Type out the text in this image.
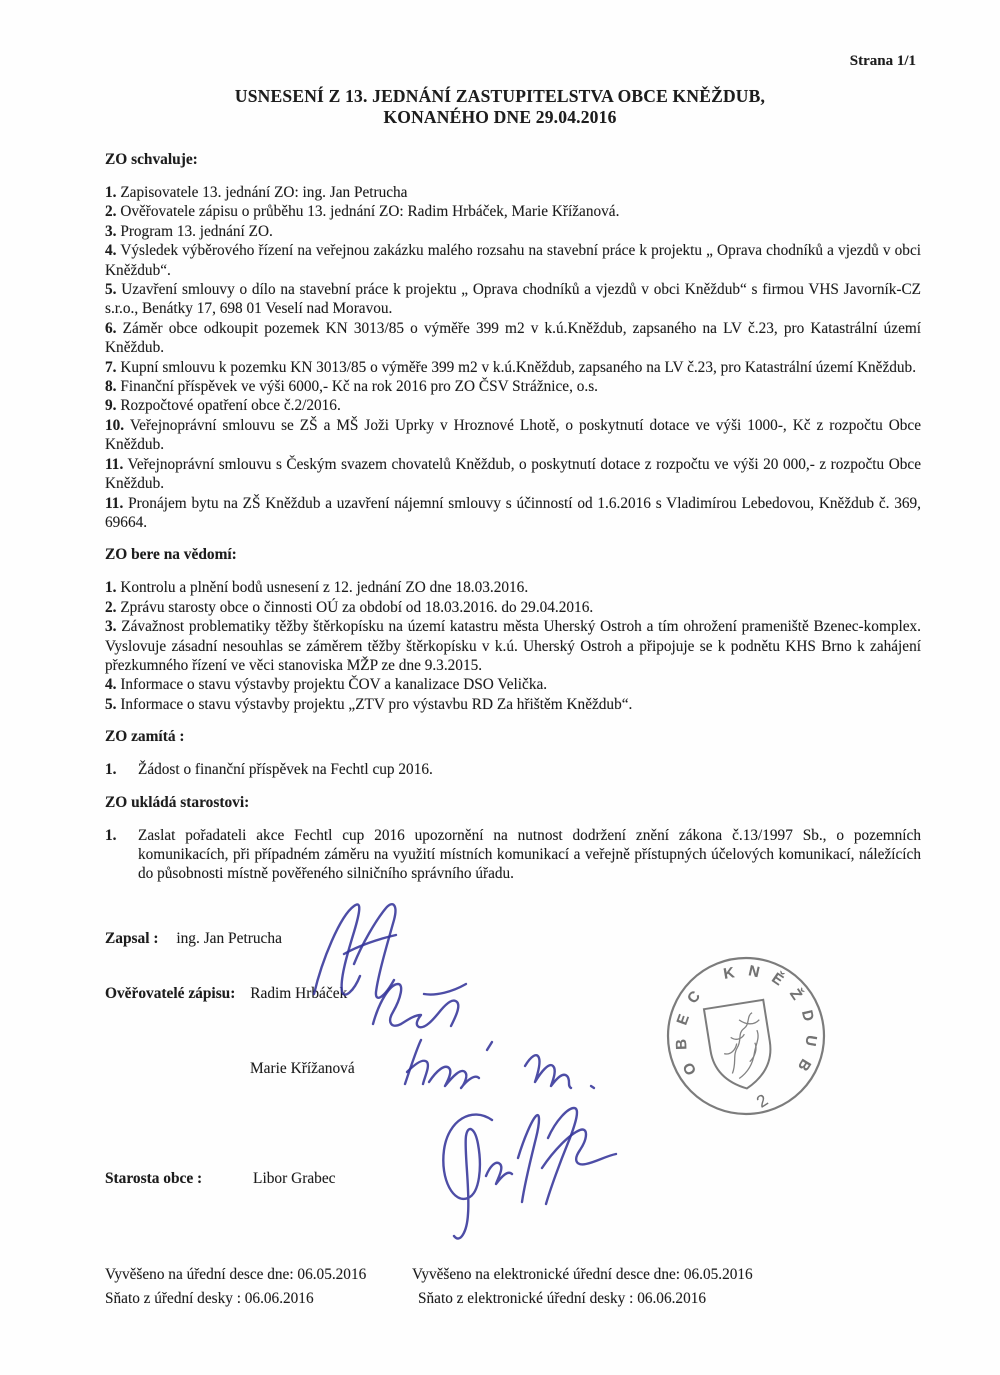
Strana 1/1
USNESENÍ Z 13. JEDNÁNÍ ZASTUPITELSTVA OBCE KNĚŽDUB,
KONANÉHO DNE 29.04.2016
ZO schvaluje:

1. Zapisovatele 13. jednání ZO: ing. Jan Petrucha

2. Ověřovatele zápisu o průběhu 13. jednání ZO: Radim Hrbáček, Marie Křížanová.

3. Program 13. jednání ZO.

4. Výsledek výběrového řízení na veřejnou zakázku malého rozsahu na stavební práce k projektu „ Oprava chodníků a vjezdů v obci Kněždub“.

5. Uzavření smlouvy o dílo na stavební práce k projektu „ Oprava chodníků a vjezdů v obci Kněždub“ s firmou VHS Javorník-CZ s.r.o., Benátky 17, 698 01 Veselí nad Moravou.

6. Záměr obce odkoupit pozemek KN 3013/85 o výměře 399 m2 v k.ú.Kněždub, zapsaného na LV č.23, pro Katastrální území Kněždub.

7. Kupní smlouvu k pozemku KN 3013/85 o výměře 399 m2 v k.ú.Kněždub, zapsaného na LV č.23, pro Katastrální území Kněždub.

8. Finanční příspěvek ve výši 6000,- Kč na rok 2016 pro ZO ČSV Strážnice, o.s.

9. Rozpočtové opatření obce č.2/2016.

10. Veřejnoprávní smlouvu se ZŠ a MŠ Joži Uprky v Hroznové Lhotě, o poskytnutí dotace ve výši 1000-, Kč z rozpočtu Obce Kněždub.

11. Veřejnoprávní smlouvu s Českým svazem chovatelů Kněždub, o poskytnutí dotace z rozpočtu ve výši 20 000,- z rozpočtu Obce Kněždub.

11. Pronájem bytu na ZŠ Kněždub a uzavření nájemní smlouvy s účinností od 1.6.2016 s Vladimírou Lebedovou, Kněždub č. 369, 69664.

ZO bere na vědomí:

1. Kontrolu a plnění bodů usnesení z 12. jednání ZO dne 18.03.2016.

2. Zprávu starosty obce o činnosti OÚ za období od 18.03.2016. do 29.04.2016.

3. Závažnost problematiky těžby štěrkopísku na území katastru města Uherský Ostroh a tím ohrožení prameniště Bzenec-komplex. Vyslovuje zásadní nesouhlas se záměrem těžby štěrkopísku v k.ú. Uherský Ostroh a připojuje se k podnětu KHS Brno k zahájení přezkumného řízení ve věci stanoviska MŽP ze dne 9.3.2015.

4. Informace o stavu výstavby projektu ČOV a kanalizace DSO Velička.

5. Informace o stavu výstavby projektu „ZTV pro výstavbu RD Za hřištěm Kněždub“.

ZO zamítá :

1. Žádost o finanční příspěvek na Fechtl cup 2016.

ZO ukládá starostovi:

1. Zaslat pořadateli akce Fechtl cup 2016 upozornění na nutnost dodržení znění zákona č.13/1997 Sb., o pozemních komunikacích, při případném záměru na využití místních komunikací a veřejně přístupných účelových komunikací, náležících do působnosti místně pověřeného silničního správního úřadu.

Zapsal : ing. Jan Petrucha
Ověřovatelé zápisu: Radim Hrbáček
Marie Křížanová
Starosta obce :	Libor Grabec
OBEC KNĚŽDUB
2
Vyvěšeno na úřední desce dne: 06.05.2016
Sňato z úřední desky : 06.06.2016
Vyvěšeno na elektronické úřední desce dne: 06.05.2016
Sňato z elektronické úřední desky : 06.06.2016
